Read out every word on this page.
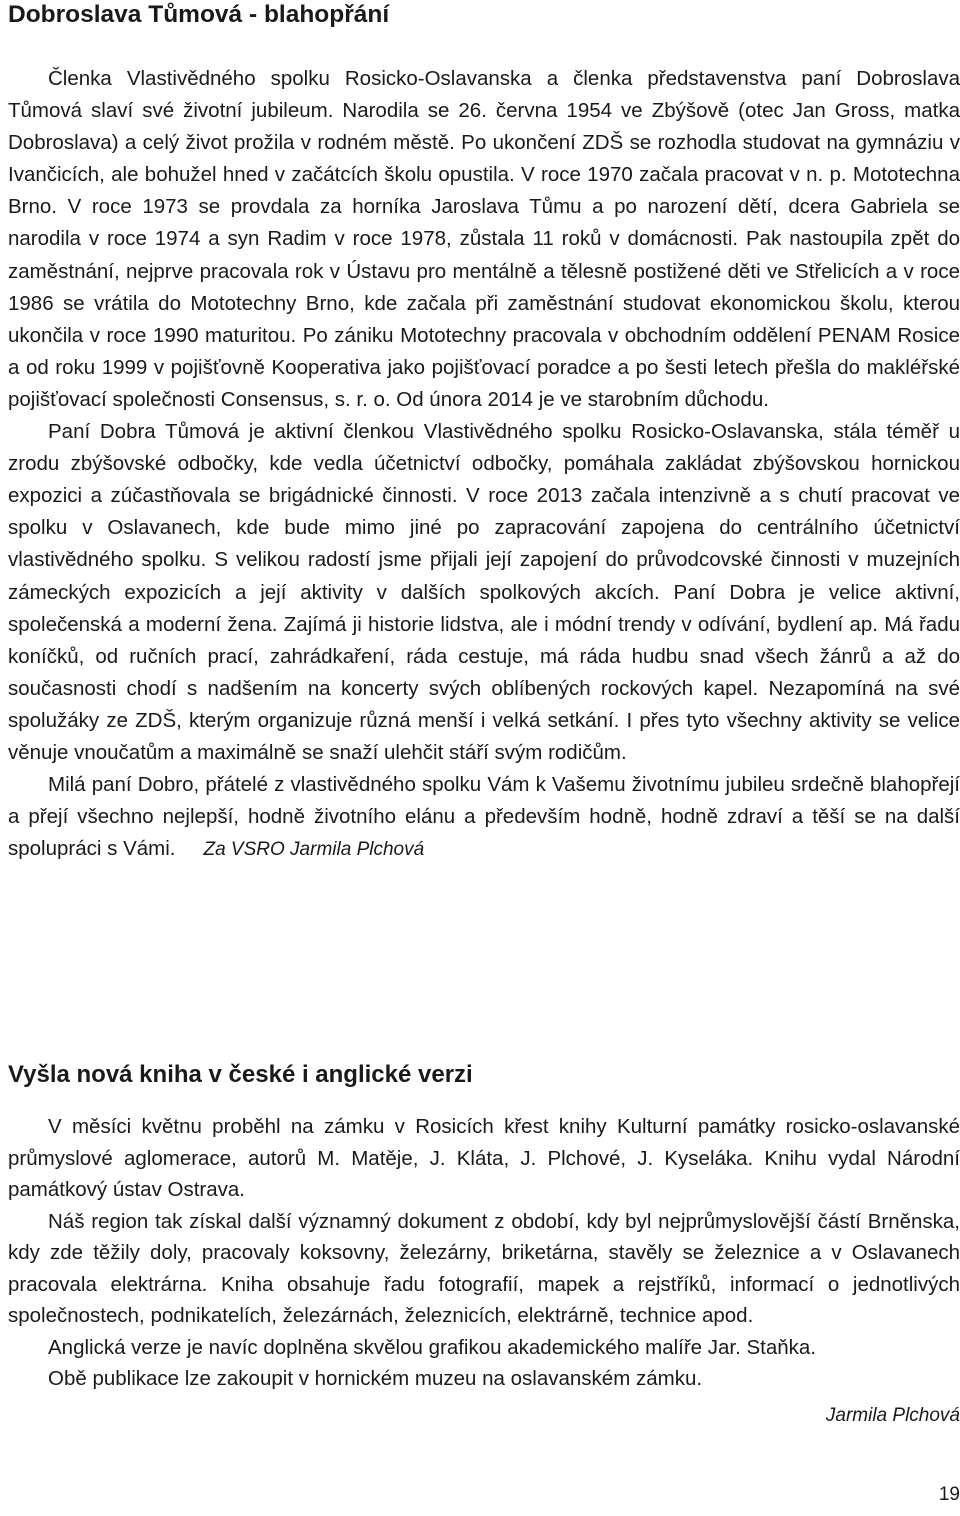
Dobroslava Tůmová - blahopřání

Členka Vlastivědného spolku Rosicko-Oslavanska a členka představenstva paní Dobroslava Tůmová slaví své životní jubileum. Narodila se 26. června 1954 ve Zbýšově (otec Jan Gross, matka Dobroslava) a celý život prožila v rodném městě. Po ukončení ZDŠ se rozhodla studovat na gymnáziu v Ivančicích, ale bohužel hned v začátcích školu opustila. V roce 1970 začala pracovat v n. p. Mototechna Brno. V roce 1973 se provdala za horníka Jaroslava Tůmu a po narození dětí, dcera Gabriela se narodila v roce 1974 a syn Radim v roce 1978, zůstala 11 roků v domácnosti. Pak nastoupila zpět do zaměstnání, nejprve pracovala rok v Ústavu pro mentálně a tělesně postižené děti ve Střelicích a v roce 1986 se vrátila do Mototechny Brno, kde začala při zaměstnání studovat ekonomickou školu, kterou ukončila v roce 1990 maturitou. Po zániku Mototechny pracovala v obchodním oddělení PENAM Rosice a od roku 1999 v pojišťovně Kooperativa jako pojišťovací poradce a po šesti letech přešla do makléřské pojišťovací společnosti Consensus, s. r. o. Od února 2014 je ve starobním důchodu.

Paní Dobra Tůmová je aktivní členkou Vlastivědného spolku Rosicko-Oslavanska, stála téměř u zrodu zbýšovské odbočky, kde vedla účetnictví odbočky, pomáhala zakládat zbýšovskou hornickou expozici a zúčastňovala se brigádnické činnosti. V roce 2013 začala intenzivně a s chutí pracovat ve spolku v Oslavanech, kde bude mimo jiné po zapracování zapojena do centrálního účetnictví vlastivědného spolku. S velikou radostí jsme přijali její zapojení do průvodcovské činnosti v muzejních zámeckých expozicích a její aktivity v dalších spolkových akcích. Paní Dobra je velice aktivní, společenská a moderní žena. Zajímá ji historie lidstva, ale i módní trendy v odívání, bydlení ap. Má řadu koníčků, od ručních prací, zahrádkaření, ráda cestuje, má ráda hudbu snad všech žánrů a až do současnosti chodí s nadšením na koncerty svých oblíbených rockových kapel. Nezapomíná na své spolužáky ze ZDŠ, kterým organizuje různá menší i velká setkání. I přes tyto všechny aktivity se velice věnuje vnoučatům a maximálně se snaží ulehčit stáří svým rodičům.

Milá paní Dobro, přátelé z vlastivědného spolku Vám k Vašemu životnímu jubileu srdečně blahopřejí a přejí všechno nejlepší, hodně životního elánu a především hodně, hodně zdraví a těší se na další spolupráci s Vámi. Za VSRO Jarmila Plchová

Vyšla nová kniha v české i anglické verzi

V měsíci květnu proběhl na zámku v Rosicích křest knihy Kulturní památky rosicko-oslavanské průmyslové aglomerace, autorů M. Matěje, J. Kláta, J. Plchové, J. Kyseláka. Knihu vydal Národní památkový ústav Ostrava.

Náš region tak získal další významný dokument z období, kdy byl nejprůmyslovější částí Brněnska, kdy zde těžily doly, pracovaly koksovny, železárny, briketárna, stavěly se železnice a v Oslavanech pracovala elektrárna. Kniha obsahuje řadu fotografií, mapek a rejstříků, informací o jednotlivých společnostech, podnikatelích, železárnách, železnicích, elektrárně, technice apod.

Anglická verze je navíc doplněna skvělou grafikou akademického malíře Jar. Staňka.

Obě publikace lze zakoupit v hornickém muzeu na oslavanském zámku.

Jarmila Plchová
19
